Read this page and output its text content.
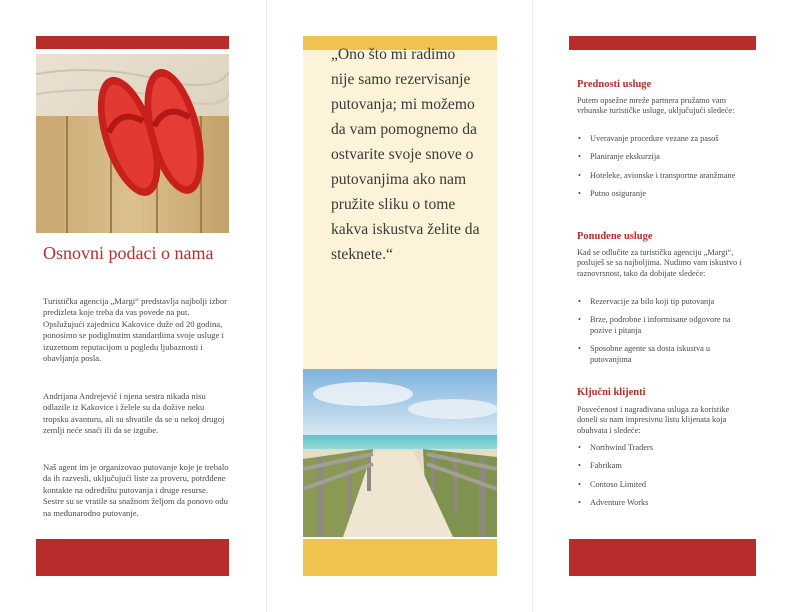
Osnovni podaci o nama
Turistička agencija „Margi“ predstavlja najbolji izbor predizleta koje treba da vas povede na put. Opslužujući zajednicu Kakovice duže od 20 godina, ponosimo se podiglnutim standardima svoje usluge i izuzetnom reputacijom u pogledu ljubaznosti i obavljanja posla.
Andrijana Andrejević i njena sestra nikada nisu odlazile iz Kakovice i želele su da dožive neku tropsku avanturu, ali su shvatile da se u nekoj drugoj zemlji neće snaći ili da se izgube.
Naš agent im je organizovao putovanje koje je trebalo da ih razvesli, uključujući liste za proveru, potrđđene kontakte na određištu putovanja i druge resurse. Sestre su se vratile sa snažnom željom da ponovo odu na međunarodno putovanje.
„Ono što mi radimo nije samo rezervisanje putovanja; mi možemo da vam pomognemo da ostvarite svoje snove o putovanjima ako nam pružite sliku o tome kakva iskustva želite da steknete.“
Prednosti usluge
Putem opsežne mreže partnera pružamo vam vrhunske turističke usluge, uključujući sledeće:
• Uveravanje procedure vezane za pasoš
• Planiranje ekskurzija
• Hoteleke, avionske i transportne aranžmane
• Putno osiguranje
Ponuđene usluge
Kad se odlučite za turističku agenciju „Margi“, posluješ se sa najboljima. Nudimo vam iskustvo i raznovrsnost, tako da dobijate sledeće:
• Rezervacije za bilo koji tip putovanja
• Brze, podrobne i informisane odgovore na pozive i pitanja
• Sposobne agente sa dosta iskustva u putovanjima
Ključni klijenti
Posvećenost i nagrađivana usluga za koristike doneli su nam impresivnu listu klijenata koja obuhvata i sledeće:
• Northwind Traders
• Fabrikam
• Contoso Limited
• Adventure Works
